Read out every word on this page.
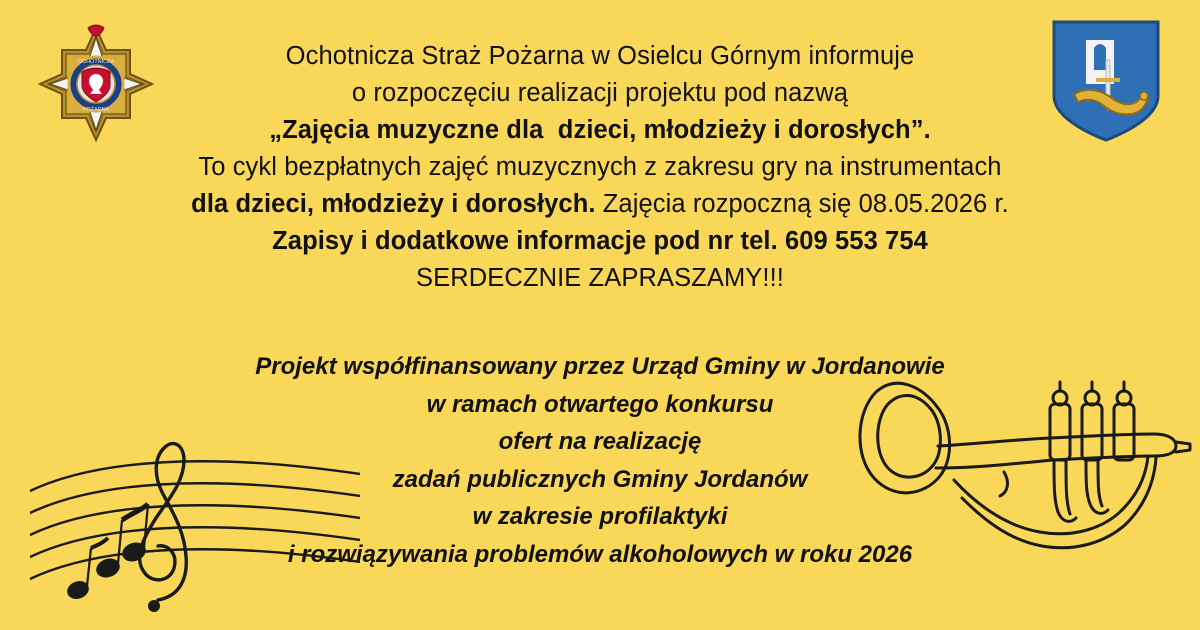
OCHOTNICZA
POŻARNA
Ochotnicza Straż Pożarna w Osielcu Górnym informuje
o rozpoczęciu realizacji projektu pod nazwą
„Zajęcia muzyczne dla  dzieci, młodzieży i dorosłych”.
To cykl bezpłatnych zajęć muzycznych z zakresu gry na instrumentach
dla dzieci, młodzieży i dorosłych. Zajęcia rozpoczną się 08.05.2026 r.
Zapisy i dodatkowe informacje pod nr tel. 609 553 754
SERDECZNIE ZAPRASZAMY!!!
Projekt współfinansowany przez Urząd Gminy w Jordanowie
w ramach otwartego konkursu
ofert na realizację
zadań publicznych Gminy Jordanów
w zakresie profilaktyki
i rozwiązywania problemów alkoholowych w roku 2026
